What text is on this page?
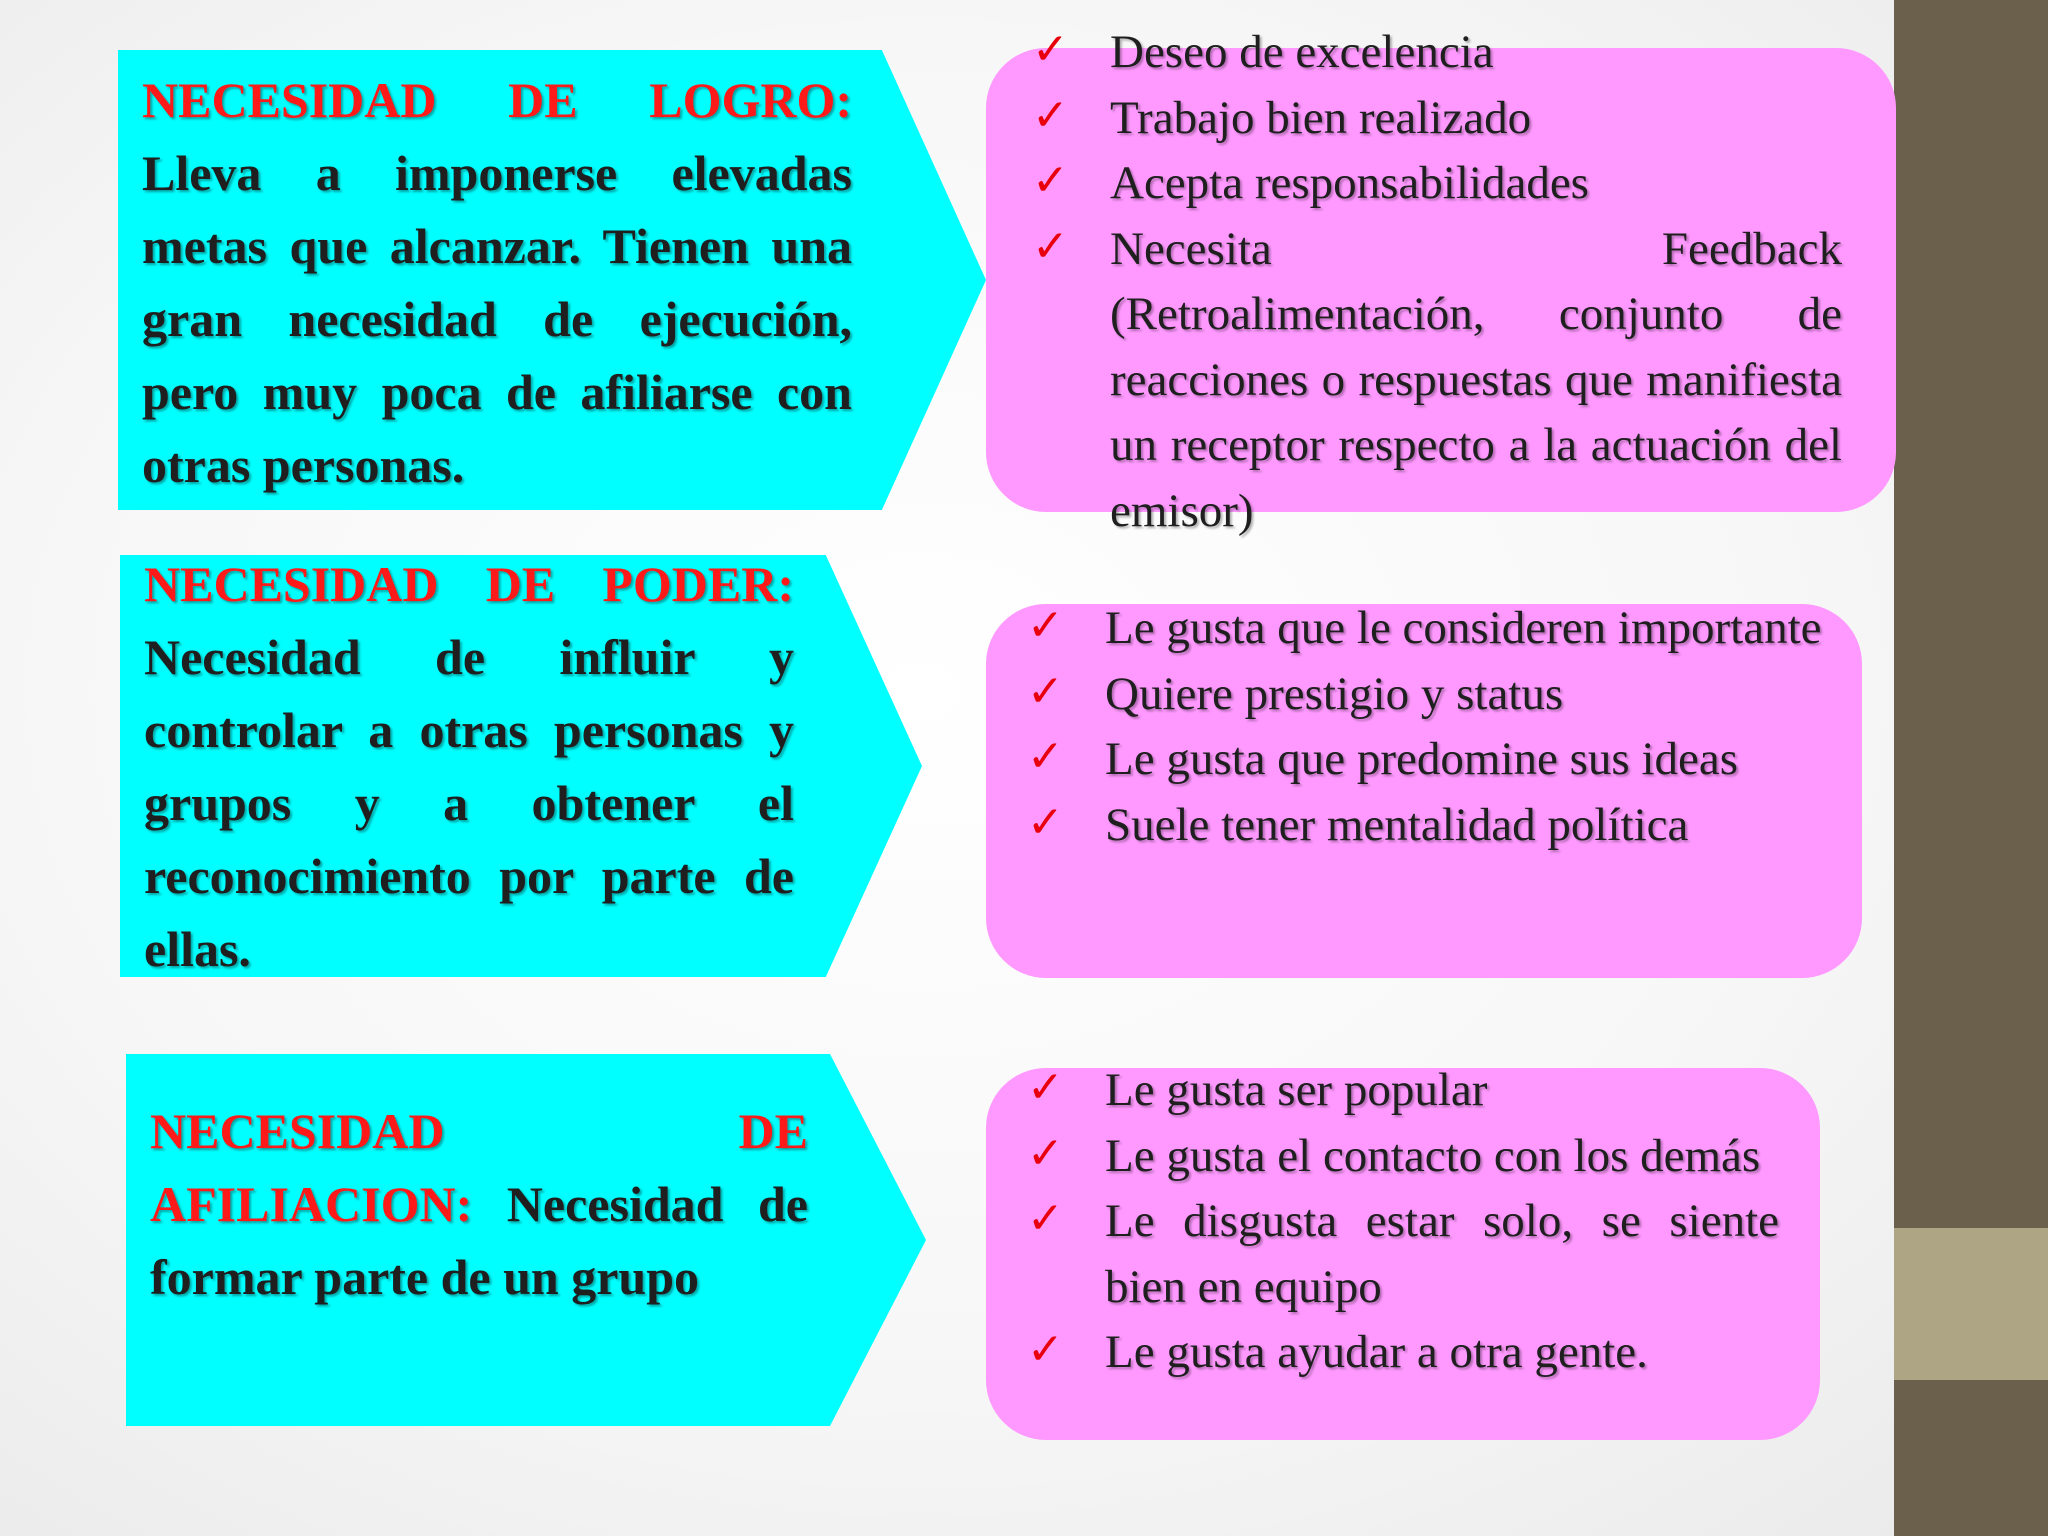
NECESIDAD DE LOGRO: Lleva a imponerse elevadas metas que alcanzar. Tienen una gran necesidad de ejecución, pero muy poca de afiliarse con otras personas.

✓ Deseo de excelencia
✓ Trabajo bien realizado
✓ Acepta responsabilidades
✓ Necesita Feedback (Retroalimentación, conjunto de reacciones o respuestas que manifiesta un receptor respecto a la actuación del emisor)

NECESIDAD DE PODER: Necesidad de influir y controlar a otras personas y grupos y a obtener el reconocimiento por parte de ellas.

✓ Le gusta que le consideren importante
✓ Quiere prestigio y status
✓ Le gusta que predomine sus ideas
✓ Suele tener mentalidad política

NECESIDAD DE AFILIACION: Necesidad de formar parte de un grupo

✓ Le gusta ser popular
✓ Le gusta el contacto con los demás
✓ Le disgusta estar solo, se siente bien en equipo
✓ Le gusta ayudar a otra gente.
